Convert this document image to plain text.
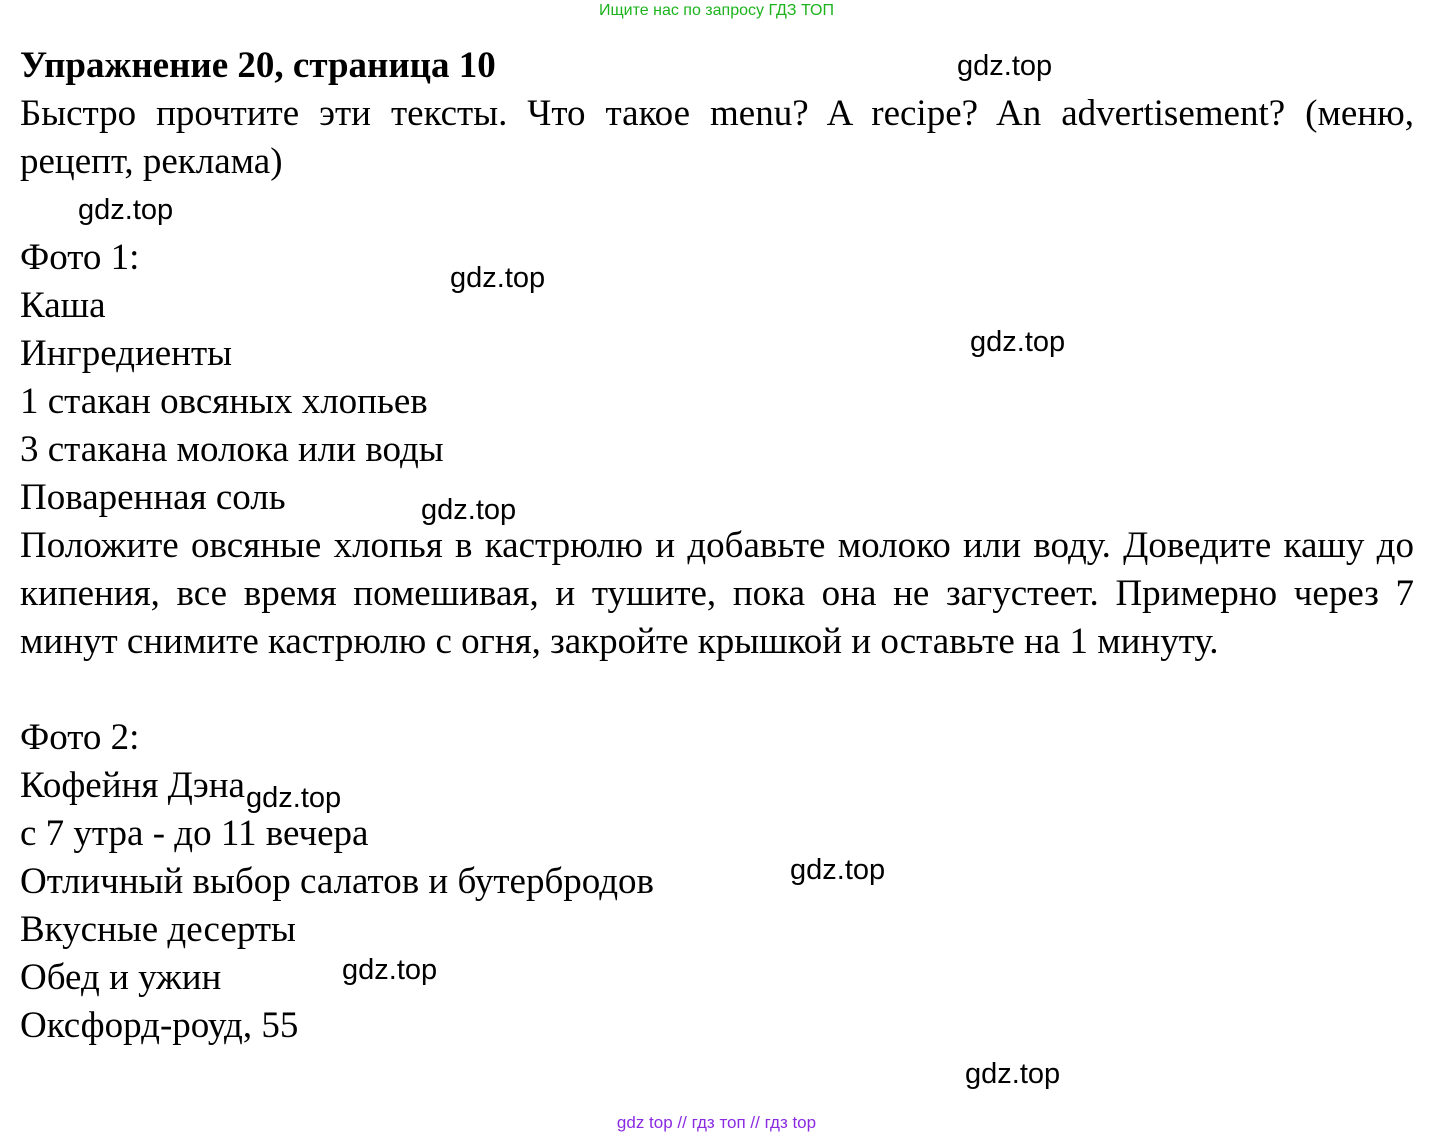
Ищите нас по запросу ГДЗ ТОП
Упражнение 20, страница 10
Быстро прочтите эти тексты. Что такое menu? A recipe? An advertisement? (меню, рецепт, реклама)
Фото 1:
Каша
Ингредиенты
1 стакан овсяных хлопьев
3 стакана молока или воды
Поваренная соль
Положите овсяные хлопья в кастрюлю и добавьте молоко или воду. Доведите кашу до кипения, все время помешивая, и тушите, пока она не загустеет. Примерно через 7 минут снимите кастрюлю с огня, закройте крышкой и оставьте на 1 минуту.
Фото 2:
Кофейня Дэна
с 7 утра - до 11 вечера
Отличный выбор салатов и бутербродов
Вкусные десерты
Обед и ужин
Оксфорд-роуд, 55
gdz.top
gdz.top
gdz.top
gdz.top
gdz.top
gdz.top
gdz.top
gdz.top
gdz.top
gdz top // гдз топ // гдз top
